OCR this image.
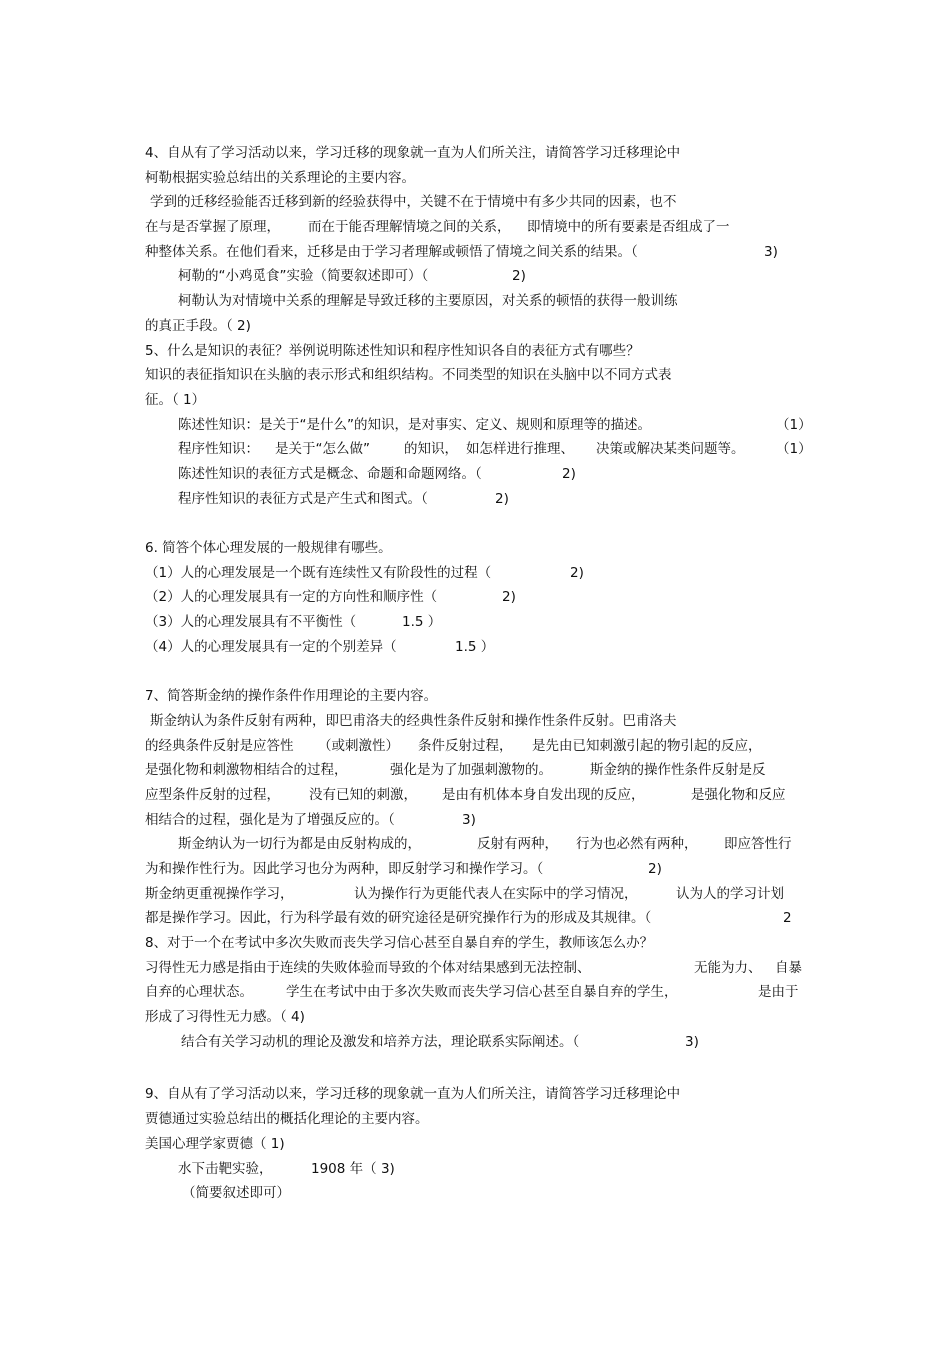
4、自从有了学习活动以来，学习迁移的现象就一直为人们所关注，请简答学习迁移理论中
柯勒根据实验总结出的关系理论的主要内容。
学到的迁移经验能否迁移到新的经验获得中，关键不在于情境中有多少共同的因素，也不
在与是否掌握了原理， 而在于能否理解情境之间的关系， 即情境中的所有要素是否组成了一
种整体关系。在他们看来，迁移是由于学习者理解或顿悟了情境之间关系的结果。（	3)
柯勒的“小鸡觅食”实验（简要叙述即可）（	2)
柯勒认为对情境中关系的理解是导致迁移的主要原因，对关系的顿悟的获得一般训练
的真正手段。（ 2)
5、什么是知识的表征？举例说明陈述性知识和程序性知识各自的表征方式有哪些？
知识的表征指知识在头脑的表示形式和组织结构。不同类型的知识在头脑中以不同方式表
征。（ 1）
陈述性知识：是关于“是什么”的知识，是对事实、定义、规则和原理等的描述。	（1）
程序性知识： 是关于“怎么做”	的知识， 如怎样进行推理、 决策或解决某类问题等。 （1）
陈述性知识的表征方式是概念、命题和命题网络。（	2)
程序性知识的表征方式是产生式和图式。（	2)
6. 简答个体心理发展的一般规律有哪些。
（1）人的心理发展是一个既有连续性又有阶段性的过程（	2)
（2）人的心理发展具有一定的方向性和顺序性（	2)
（3）人的心理发展具有不平衡性（	1.5 ）
（4）人的心理发展具有一定的个别差异（	1.5 ）
7、简答斯金纳的操作条件作用理论的主要内容。
斯金纳认为条件反射有两种，即巴甫洛夫的经典性条件反射和操作性条件反射。巴甫洛夫
的经典条件反射是应答性 （或刺激性） 条件反射过程， 是先由已知刺激引起的物引起的反应，
是强化物和刺激物相结合的过程，	强化是为了加强刺激物的。	斯金纳的操作性条件反射是反
应型条件反射的过程， 没有已知的刺激， 是由有机体本身自发出现的反应，	是强化物和反应
相结合的过程，强化是为了增强反应的。（	3)
斯金纳认为一切行为都是由反射构成的，	反射有两种， 行为也必然有两种， 即应答性行
为和操作性行为。因此学习也分为两种，即反射学习和操作学习。（	2)
斯金纳更重视操作学习，	认为操作行为更能代表人在实际中的学习情况，	认为人的学习计划
都是操作学习。因此，行为科学最有效的研究途径是研究操作行为的形成及其规律。（	2
8、对于一个在考试中多次失败而丧失学习信心甚至自暴自弃的学生，教师该怎么办？
习得性无力感是指由于连续的失败体验而导致的个体对结果感到无法控制、	无能为力、 自暴
自弃的心理状态。 学生在考试中由于多次失败而丧失学习信心甚至自暴自弃的学生，	是由于
形成了习得性无力感。（ 4)
结合有关学习动机的理论及激发和培养方法，理论联系实际阐述。（	3)
9、自从有了学习活动以来，学习迁移的现象就一直为人们所关注，请简答学习迁移理论中
贾德通过实验总结出的概括化理论的主要内容。
美国心理学家贾德（ 1)
水下击靶实验，	1908 年（ 3)
（简要叙述即可）
